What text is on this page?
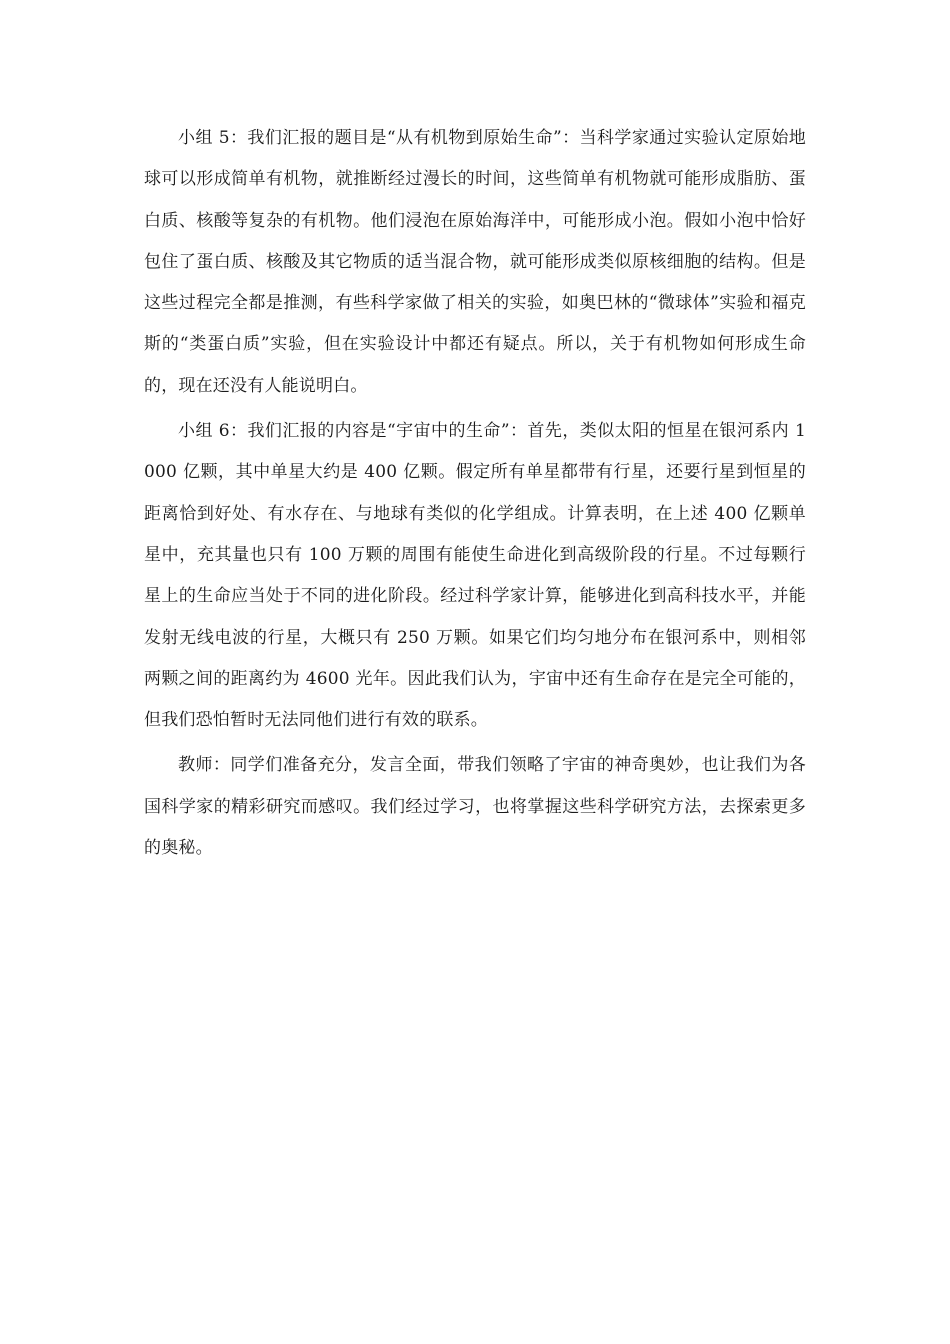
小组 5：我们汇报的题目是“从有机物到原始生命”：当科学家通过实验认定原始地球可以形成简单有机物，就推断经过漫长的时间，这些简单有机物就可能形成脂肪、蛋白质、核酸等复杂的有机物。他们浸泡在原始海洋中，可能形成小泡。假如小泡中恰好包住了蛋白质、核酸及其它物质的适当混合物，就可能形成类似原核细胞的结构。但是这些过程完全都是推测，有些科学家做了相关的实验，如奥巴林的“微球体”实验和福克斯的“类蛋白质”实验，但在实验设计中都还有疑点。所以，关于有机物如何形成生命的，现在还没有人能说明白。

小组 6：我们汇报的内容是“宇宙中的生命”：首先，类似太阳的恒星在银河系内 1000 亿颗，其中单星大约是 400 亿颗。假定所有单星都带有行星，还要行星到恒星的距离恰到好处、有水存在、与地球有类似的化学组成。计算表明，在上述 400 亿颗单星中，充其量也只有 100 万颗的周围有能使生命进化到高级阶段的行星。不过每颗行星上的生命应当处于不同的进化阶段。经过科学家计算，能够进化到高科技水平，并能发射无线电波的行星，大概只有 250 万颗。如果它们均匀地分布在银河系中，则相邻两颗之间的距离约为 4600 光年。因此我们认为，宇宙中还有生命存在是完全可能的，但我们恐怕暂时无法同他们进行有效的联系。

教师：同学们准备充分，发言全面，带我们领略了宇宙的神奇奥妙，也让我们为各国科学家的精彩研究而感叹。我们经过学习，也将掌握这些科学研究方法，去探索更多的奥秘。
